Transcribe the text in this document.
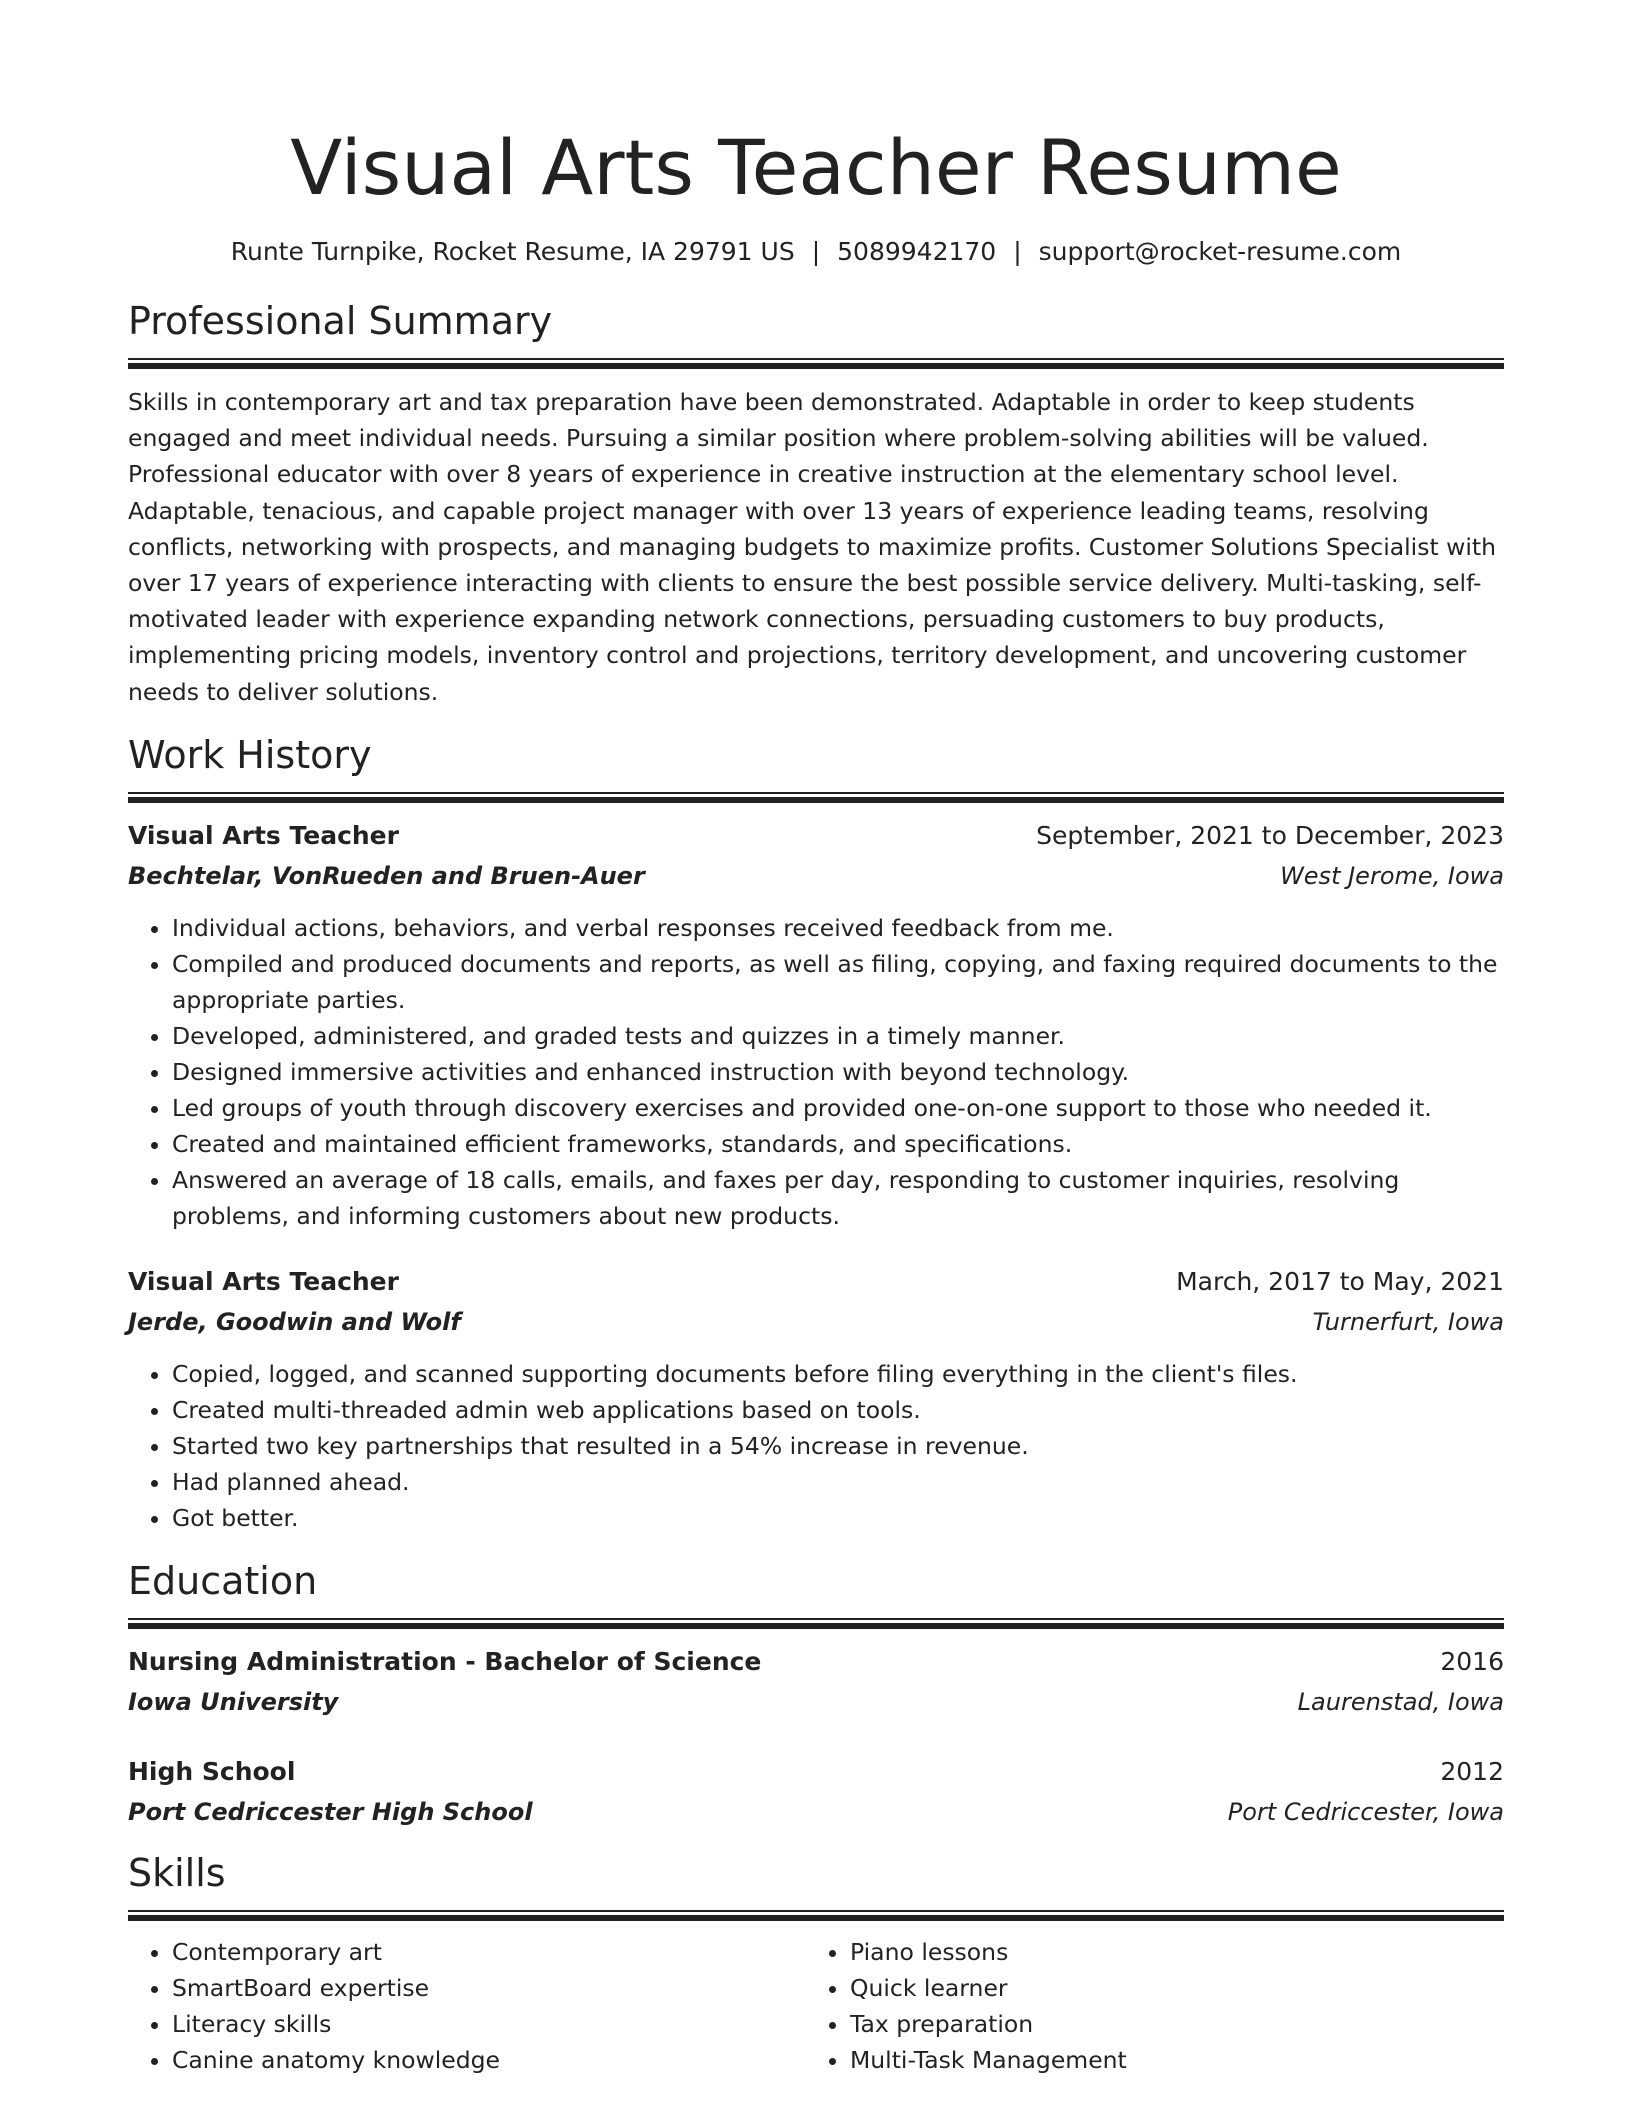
Visual Arts Teacher Resume
Runte Turnpike, Rocket Resume, IA 29791 US | 5089942170 | support@rocket-resume.com
Professional Summary
Skills in contemporary art and tax preparation have been demonstrated. Adaptable in order to keep students engaged and meet individual needs. Pursuing a similar position where problem-solving abilities will be valued. Professional educator with over 8 years of experience in creative instruction at the elementary school level. Adaptable, tenacious, and capable project manager with over 13 years of experience leading teams, resolving conflicts, networking with prospects, and managing budgets to maximize profits. Customer Solutions Specialist with over 17 years of experience interacting with clients to ensure the best possible service delivery. Multi-tasking, self-motivated leader with experience expanding network connections, persuading customers to buy products, implementing pricing models, inventory control and projections, territory development, and uncovering customer needs to deliver solutions.
Work History
Visual Arts Teacher	September, 2021 to December, 2023
Bechtelar, VonRueden and Bruen-Auer	West Jerome, Iowa
• Individual actions, behaviors, and verbal responses received feedback from me.
• Compiled and produced documents and reports, as well as filing, copying, and faxing required documents to the appropriate parties.
• Developed, administered, and graded tests and quizzes in a timely manner.
• Designed immersive activities and enhanced instruction with beyond technology.
• Led groups of youth through discovery exercises and provided one-on-one support to those who needed it.
• Created and maintained efficient frameworks, standards, and specifications.
• Answered an average of 18 calls, emails, and faxes per day, responding to customer inquiries, resolving problems, and informing customers about new products.
Visual Arts Teacher	March, 2017 to May, 2021
Jerde, Goodwin and Wolf	Turnerfurt, Iowa
• Copied, logged, and scanned supporting documents before filing everything in the client's files.
• Created multi-threaded admin web applications based on tools.
• Started two key partnerships that resulted in a 54% increase in revenue.
• Had planned ahead.
• Got better.
Education
Nursing Administration - Bachelor of Science	2016
Iowa University	Laurenstad, Iowa
High School	2012
Port Cedriccester High School	Port Cedriccester, Iowa
Skills
• Contemporary art
• SmartBoard expertise
• Literacy skills
• Canine anatomy knowledge
• Piano lessons
• Quick learner
• Tax preparation
• Multi-Task Management
